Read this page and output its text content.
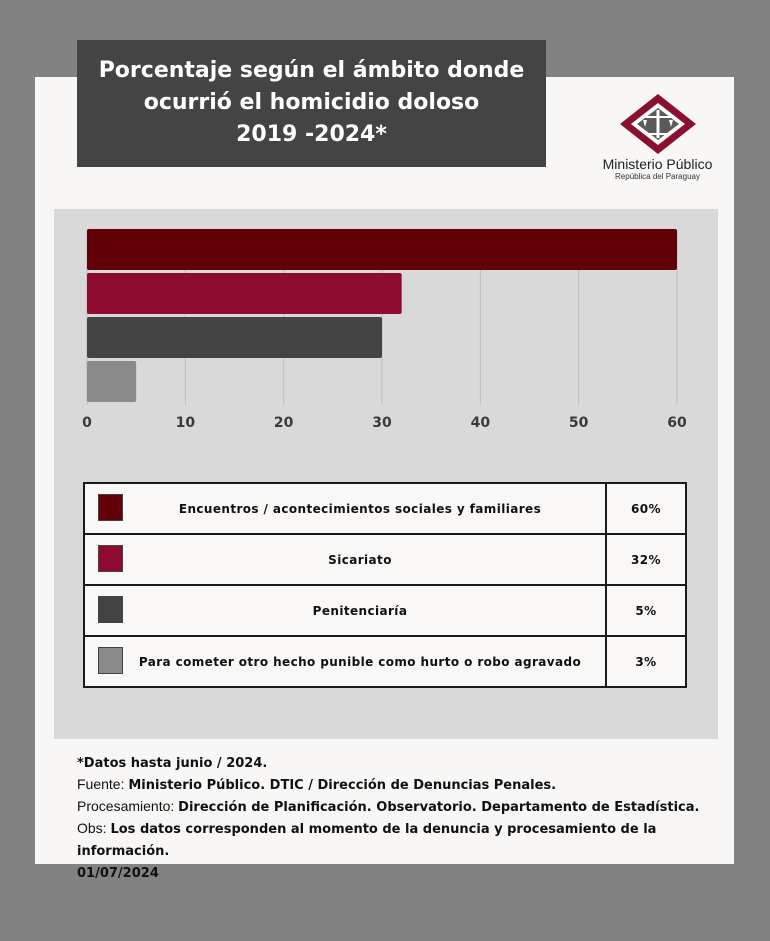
Porcentaje según el ámbito donde
ocurrió el homicidio doloso
2019 -2024*
Ministerio Público
República del Paraguay
0	10	20	30	40	50	60
Encuentros / acontecimientos sociales y familiares	60%

Sicariato	32%

Penitenciaría	5%

Para cometer otro hecho punible como hurto o robo agravado	3%
*Datos hasta junio / 2024.
Fuente: Ministerio Público. DTIC / Dirección de Denuncias Penales.
Procesamiento: Dirección de Planificación. Observatorio. Departamento de Estadística.
Obs: Los datos corresponden al momento de la denuncia y procesamiento de la información.
01/07/2024
